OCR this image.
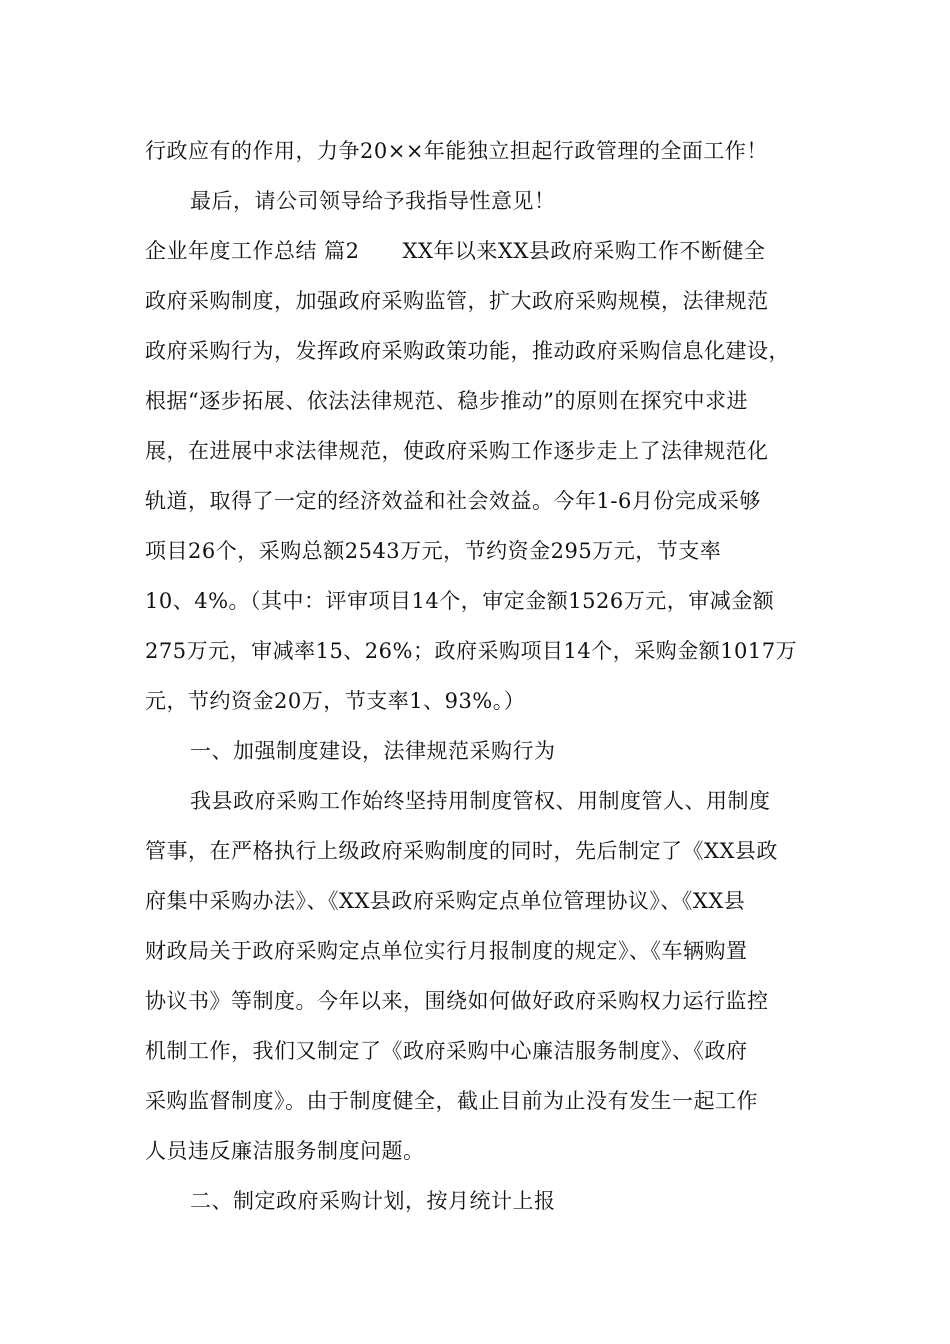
行政应有的作用，力争20××年能独立担起行政管理的全面工作！
最后，请公司领导给予我指导性意见！
企业年度工作总结 篇2　　XX年以来XX县政府采购工作不断健全
政府采购制度，加强政府采购监管，扩大政府采购规模，法律规范
政府采购行为，发挥政府采购政策功能，推动政府采购信息化建设，
根据“逐步拓展、依法法律规范、稳步推动”的原则在探究中求进
展，在进展中求法律规范，使政府采购工作逐步走上了法律规范化
轨道，取得了一定的经济效益和社会效益。今年1-6月份完成采够
项目26个，采购总额2543万元，节约资金295万元，节支率
10、4%。（其中：评审项目14个，审定金额1526万元，审减金额
275万元，审减率15、26%；政府采购项目14个，采购金额1017万
元，节约资金20万，节支率1、93%。）
一、加强制度建设，法律规范采购行为
我县政府采购工作始终坚持用制度管权、用制度管人、用制度
管事，在严格执行上级政府采购制度的同时，先后制定了《XX县政
府集中采购办法》、《XX县政府采购定点单位管理协议》、《XX县
财政局关于政府采购定点单位实行月报制度的规定》、《车辆购置
协议书》等制度。今年以来，围绕如何做好政府采购权力运行监控
机制工作，我们又制定了《政府采购中心廉洁服务制度》、《政府
采购监督制度》。由于制度健全，截止目前为止没有发生一起工作
人员违反廉洁服务制度问题。
二、制定政府采购计划，按月统计上报
